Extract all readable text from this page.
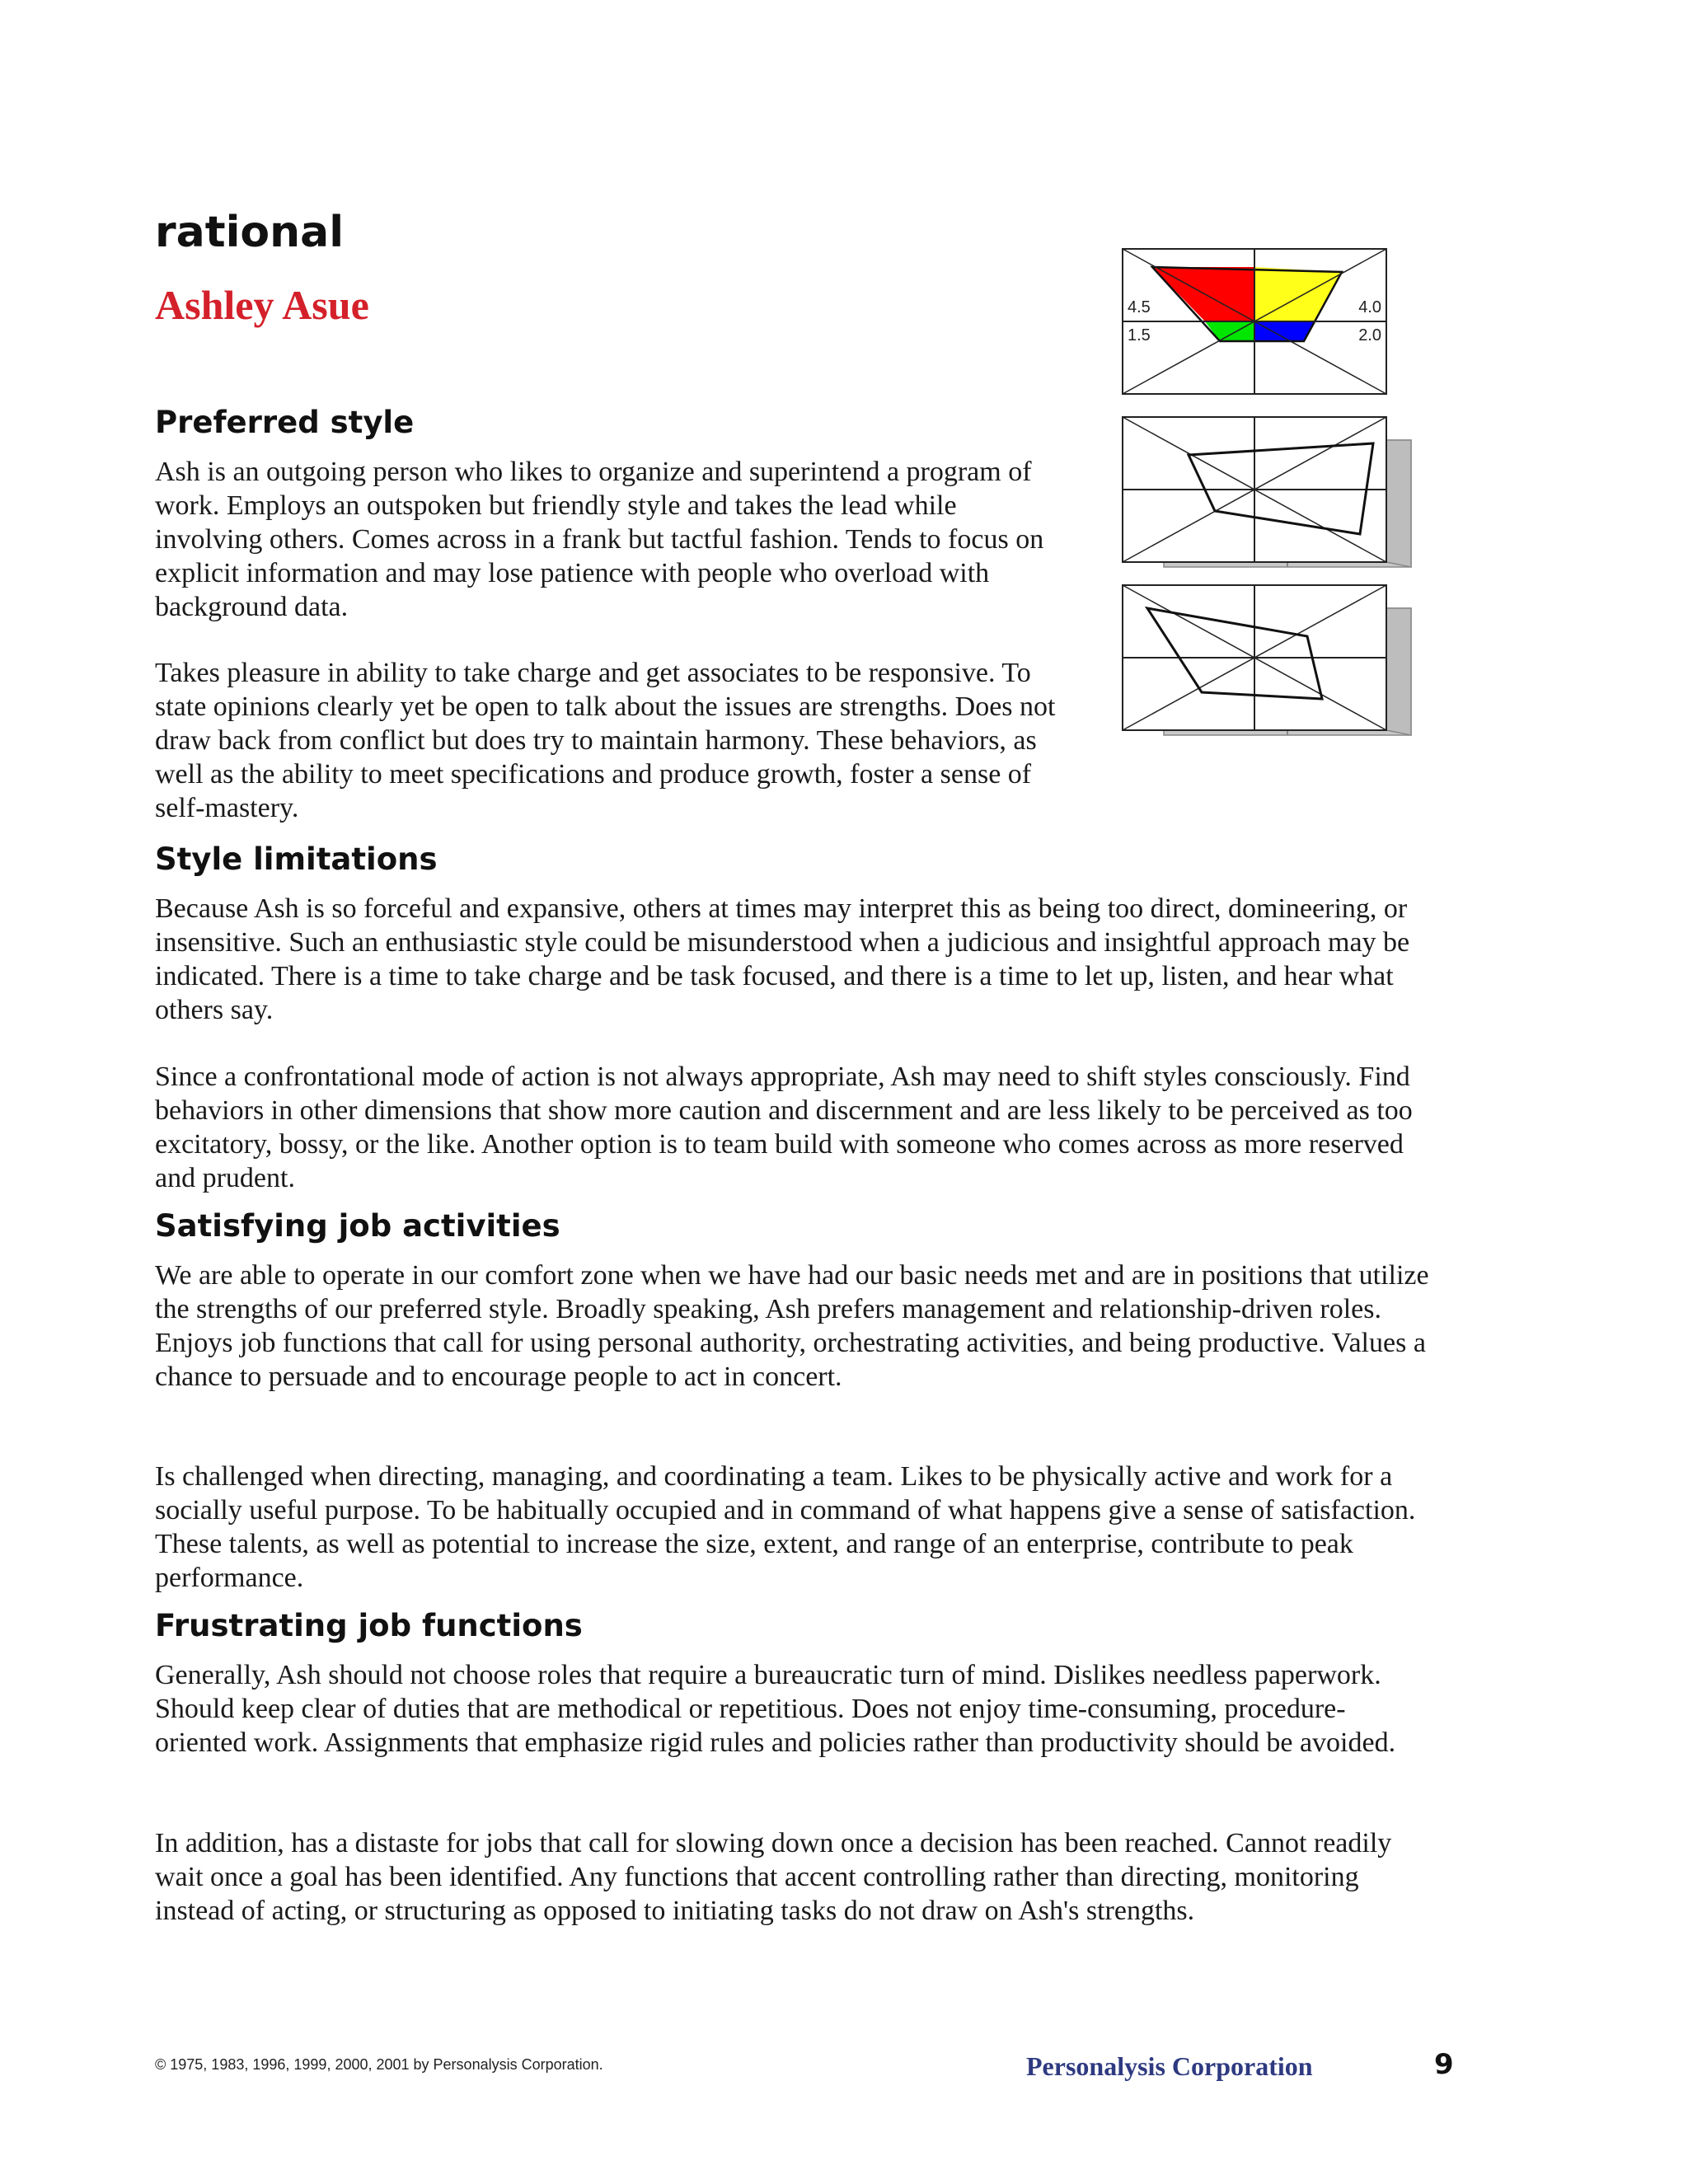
rational
Ashley Asue	4.5	4.0
1.5	2.0
Preferred style

Ash is an outgoing person who likes to organize and superintend a program of work. Employs an outspoken but friendly style and takes the lead while involving others. Comes across in a frank but tactful fashion. Tends to focus on explicit information and may lose patience with people who overload with background data.

Takes pleasure in ability to take charge and get associates to be responsive. To state opinions clearly yet be open to talk about the issues are strengths. Does not draw back from conflict but does try to maintain harmony. These behaviors, as well as the ability to meet specifications and produce growth, foster a sense of self-mastery.

Style limitations

Because Ash is so forceful and expansive, others at times may interpret this as being too direct, domineering, or insensitive. Such an enthusiastic style could be misunderstood when a judicious and insightful approach may be indicated. There is a time to take charge and be task focused, and there is a time to let up, listen, and hear what others say.

Since a confrontational mode of action is not always appropriate, Ash may need to shift styles consciously. Find behaviors in other dimensions that show more caution and discernment and are less likely to be perceived as too excitatory, bossy, or the like. Another option is to team build with someone who comes across as more reserved and prudent.

Satisfying job activities

We are able to operate in our comfort zone when we have had our basic needs met and are in positions that utilize the strengths of our preferred style. Broadly speaking, Ash prefers management and relationship-driven roles. Enjoys job functions that call for using personal authority, orchestrating activities, and being productive. Values a chance to persuade and to encourage people to act in concert.

Is challenged when directing, managing, and coordinating a team. Likes to be physically active and work for a socially useful purpose. To be habitually occupied and in command of what happens give a sense of satisfaction. These talents, as well as potential to increase the size, extent, and range of an enterprise, contribute to peak performance.

Frustrating job functions

Generally, Ash should not choose roles that require a bureaucratic turn of mind. Dislikes needless paperwork. Should keep clear of duties that are methodical or repetitious. Does not enjoy time-consuming, procedure-oriented work. Assignments that emphasize rigid rules and policies rather than productivity should be avoided.

In addition, has a distaste for jobs that call for slowing down once a decision has been reached. Cannot readily wait once a goal has been identified. Any functions that accent controlling rather than directing, monitoring instead of acting, or structuring as opposed to initiating tasks do not draw on Ash's strengths.

© 1975, 1983, 1996, 1999, 2000, 2001 by Personalysis Corporation.	Personalysis Corporation	9
